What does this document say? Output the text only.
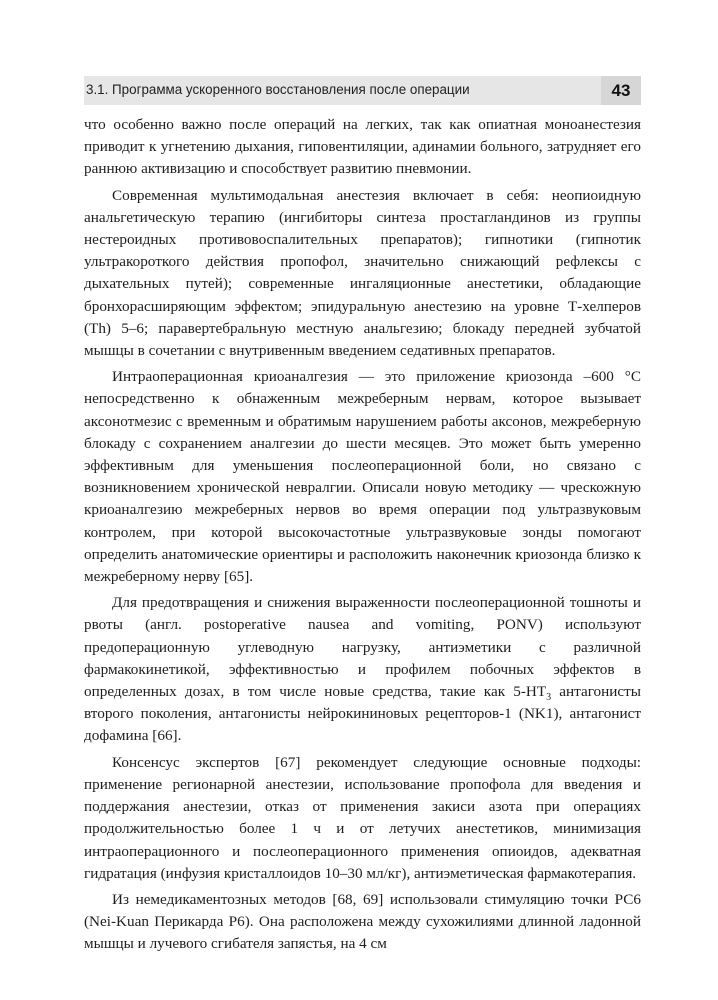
3.1. Программа ускоренного восстановления после операции	43

что особенно важно после операций на легких, так как опиатная моноанестезия приводит к угнетению дыхания, гиповентиляции, адинамии больного, затрудняет его раннюю активизацию и способствует развитию пневмонии.

Современная мультимодальная анестезия включает в себя: неопиоидную анальгетическую терапию (ингибиторы синтеза простагландинов из группы нестероидных противовоспалительных препаратов); гипнотики (гипнотик ультракороткого действия пропофол, значительно снижающий рефлексы с дыхательных путей); современные ингаляционные анестетики, обладающие бронхорасширяющим эффектом; эпидуральную анестезию на уровне Т-хелперов (Th) 5–6; паравертебральную местную анальгезию; блокаду передней зубчатой мышцы в сочетании с внутривенным введением седативных препаратов.

Интраоперационная криоаналгезия — это приложение криозонда –600 °С непосредственно к обнаженным межреберным нервам, которое вызывает аксонотмезис с временным и обратимым нарушением работы аксонов, межреберную блокаду с сохранением аналгезии до шести месяцев. Это может быть умеренно эффективным для уменьшения послеоперационной боли, но связано с возникновением хронической невралгии. Описали новую методику — чрескожную криоаналгезию межреберных нервов во время операции под ультразвуковым контролем, при которой высокочастотные ультразвуковые зонды помогают определить анатомические ориентиры и расположить наконечник криозонда близко к межреберному нерву [65].

Для предотвращения и снижения выраженности послеоперационной тошноты и рвоты (англ. postoperative nausea and vomiting, PONV) используют предоперационную углеводную нагрузку, антиэметики с различной фармакокинетикой, эффективностью и профилем побочных эффектов в определенных дозах, в том числе новые средства, такие как $5-НТ_3$ антагонисты второго поколения, антагонисты нейрокининовых рецепторов-1 (NK1), антагонист дофамина [66].

Консенсус экспертов [67] рекомендует следующие основные подходы: применение регионарной анестезии, использование пропофола для введения и поддержания анестезии, отказ от применения закиси азота при операциях продолжительностью более 1 ч и от летучих анестетиков, минимизация интраоперационного и послеоперационного применения опиоидов, адекватная гидратация (инфузия кристаллоидов 10–30 мл/кг), антиэметическая фармакотерапия.

Из немедикаментозных методов [68, 69] использовали стимуляцию точки РС6 (Nei-Kuan Перикарда P6). Она расположена между сухожилиями длинной ладонной мышцы и лучевого сгибателя запястья, на 4 см
